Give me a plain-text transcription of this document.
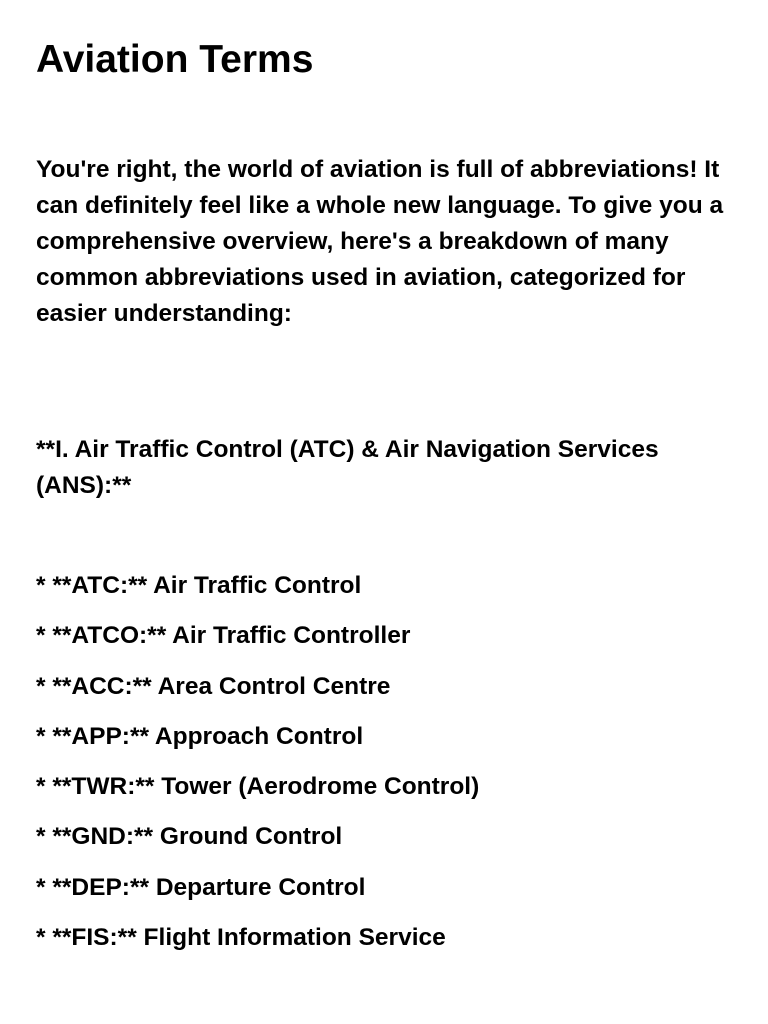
Aviation Terms

You're right, the world of aviation is full of abbreviations! It can definitely feel like a whole new language. To give you a comprehensive overview, here's a breakdown of many common abbreviations used in aviation, categorized for easier understanding:

**I. Air Traffic Control (ATC) & Air Navigation Services (ANS):**

* **ATC:** Air Traffic Control
* **ATCO:** Air Traffic Controller
* **ACC:** Area Control Centre
* **APP:** Approach Control
* **TWR:** Tower (Aerodrome Control)
* **GND:** Ground Control
* **DEP:** Departure Control
* **FIS:** Flight Information Service
